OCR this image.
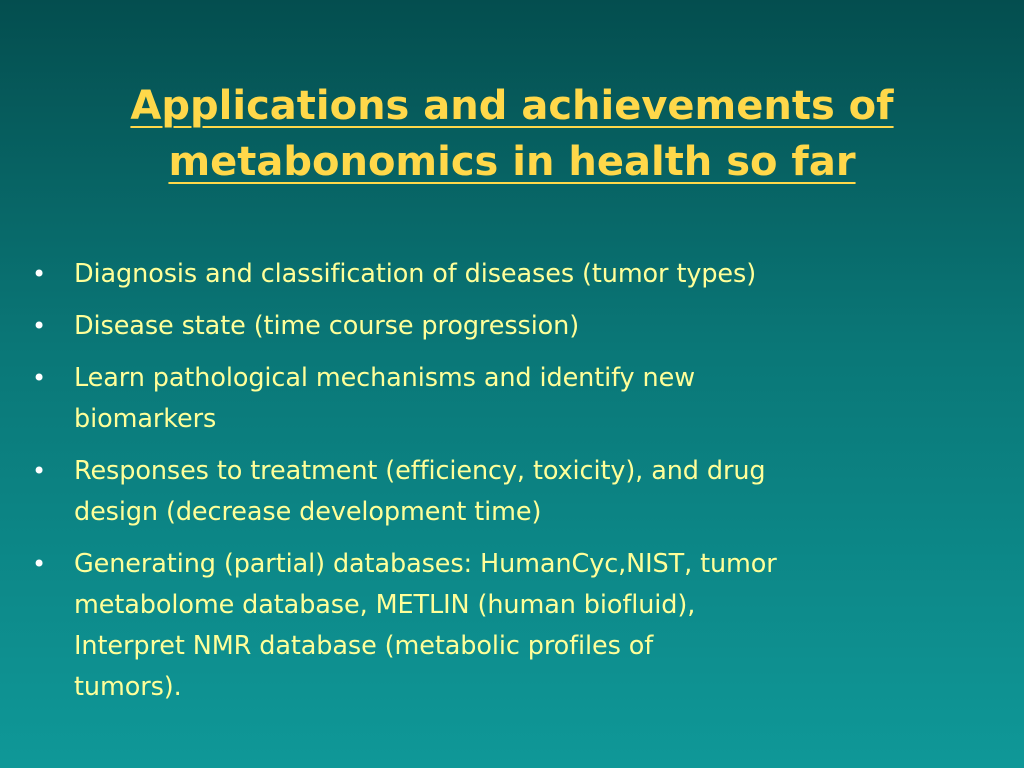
Applications and achievements of
metabonomics in health so far
•	Diagnosis and classification of diseases (tumor types)
•	Disease state (time course progression)
•	Learn pathological mechanisms and identify new
biomarkers
•	Responses to treatment (efficiency, toxicity), and drug
design (decrease development time)
•	Generating (partial) databases: HumanCyc,NIST, tumor
metabolome database, METLIN (human biofluid),
Interpret NMR database (metabolic profiles of
tumors).
